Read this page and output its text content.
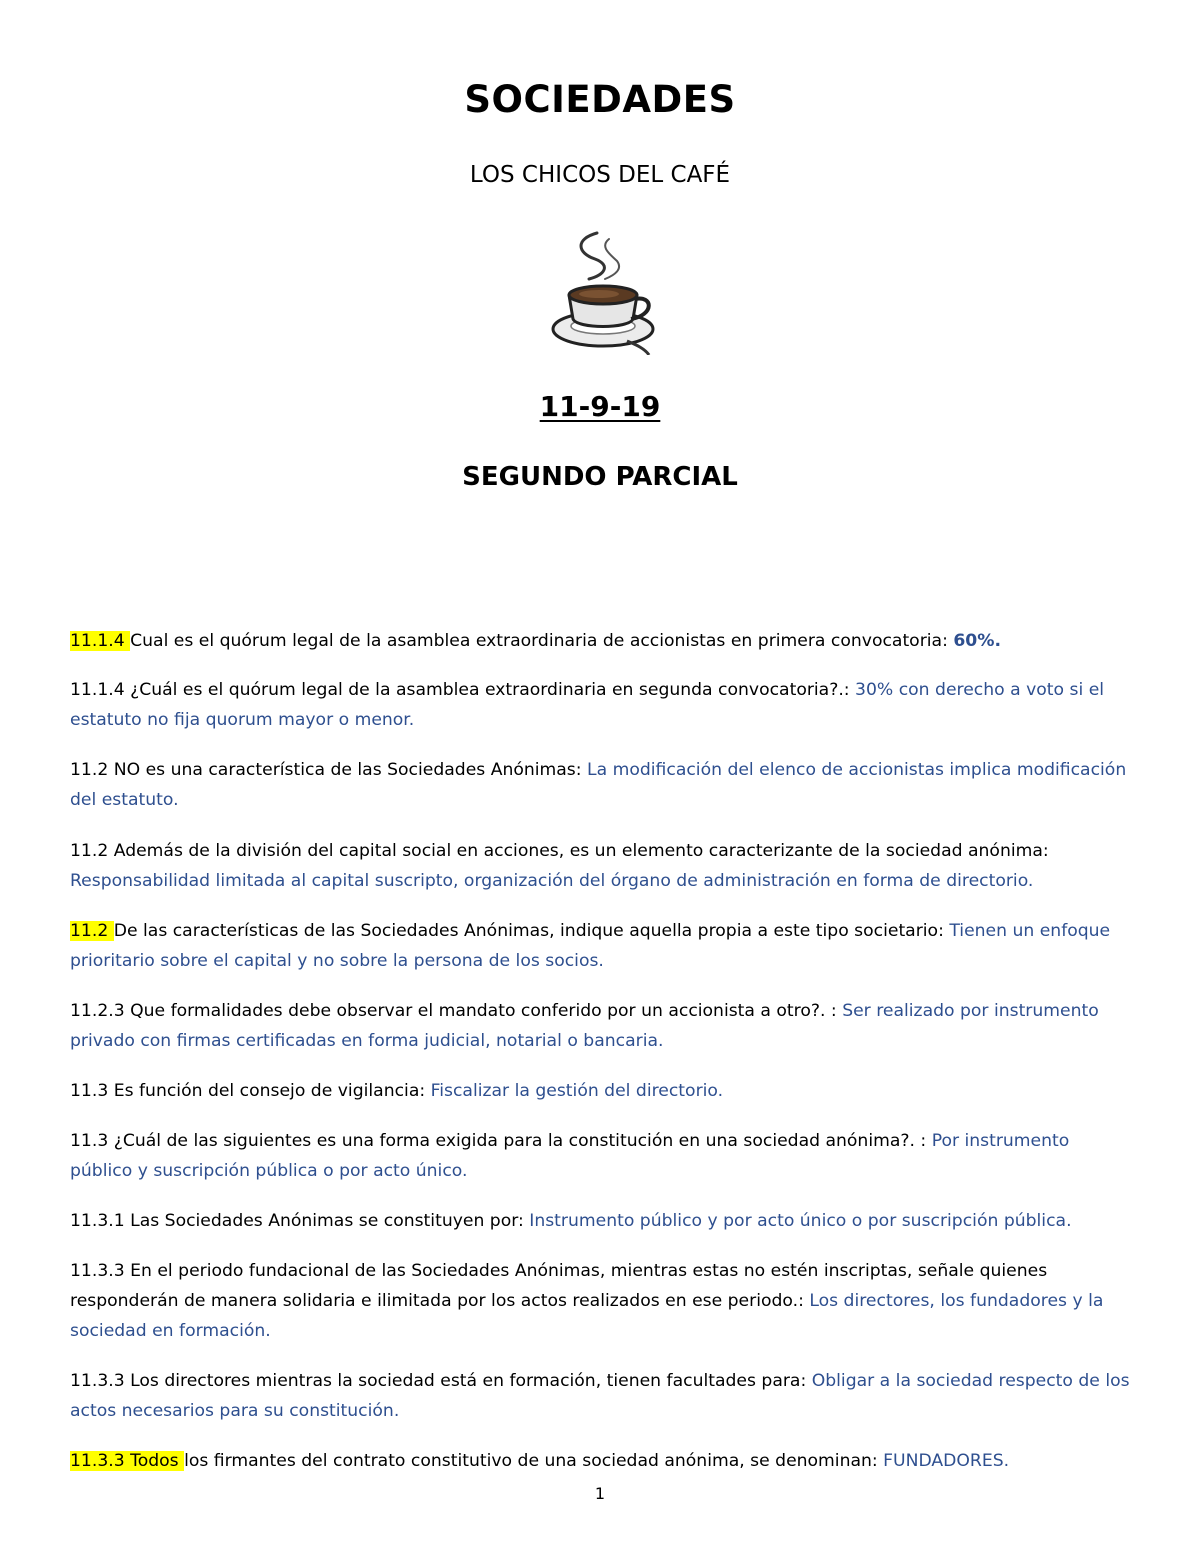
SOCIEDADES
LOS CHICOS DEL CAFÉ
11-9-19
SEGUNDO PARCIAL

11.1.4 Cual es el quórum legal de la asamblea extraordinaria de accionistas en primera convocatoria: 60%.

11.1.4 ¿Cuál es el quórum legal de la asamblea extraordinaria en segunda convocatoria?.: 30% con derecho a voto si el estatuto no fija quorum mayor o menor.

11.2 NO es una característica de las Sociedades Anónimas: La modificación del elenco de accionistas implica modificación del estatuto.

11.2 Además de la división del capital social en acciones, es un elemento caracterizante de la sociedad anónima: Responsabilidad limitada al capital suscripto, organización del órgano de administración en forma de directorio.

11.2 De las características de las Sociedades Anónimas, indique aquella propia a este tipo societario: Tienen un enfoque prioritario sobre el capital y no sobre la persona de los socios.

11.2.3 Que formalidades debe observar el mandato conferido por un accionista a otro?. : Ser realizado por instrumento privado con firmas certificadas en forma judicial, notarial o bancaria.

11.3 Es función del consejo de vigilancia: Fiscalizar la gestión del directorio.

11.3 ¿Cuál de las siguientes es una forma exigida para la constitución en una sociedad anónima?. : Por instrumento público y suscripción pública o por acto único.

11.3.1 Las Sociedades Anónimas se constituyen por: Instrumento público y por acto único o por suscripción pública.

11.3.3 En el periodo fundacional de las Sociedades Anónimas, mientras estas no estén inscriptas, señale quienes responderán de manera solidaria e ilimitada por los actos realizados en ese periodo.: Los directores, los fundadores y la sociedad en formación.

11.3.3 Los directores mientras la sociedad está en formación, tienen facultades para: Obligar a la sociedad respecto de los actos necesarios para su constitución.

11.3.3 Todos los firmantes del contrato constitutivo de una sociedad anónima, se denominan: FUNDADORES.

1
